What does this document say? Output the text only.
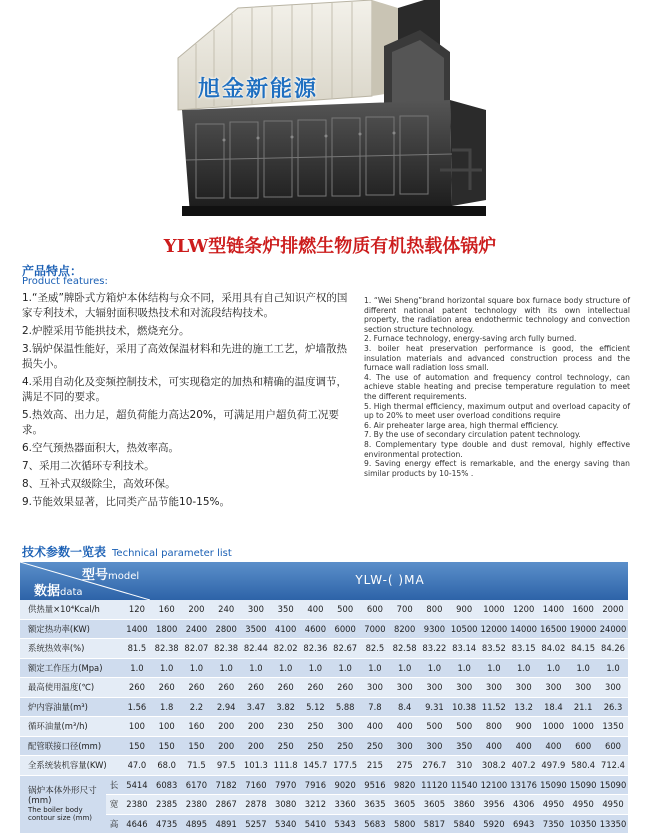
旭金新能源
YLW型链条炉排燃生物质有机热载体锅炉
产品特点：
Product features:
1.“圣威”牌卧式方箱炉本体结构与众不同，采用具有自己知识产权的国家专利技术，大辐射面积吸热技术和对流段结构技术。
2.炉膛采用节能拱技术，燃烧充分。
3.锅炉保温性能好，采用了高效保温材料和先进的施工工艺，炉墙散热损失小。
4.采用自动化及变频控制技术，可实现稳定的加热和精确的温度调节，满足不同的要求。
5.热效高、出力足，超负荷能力高达20%，可满足用户超负荷工况要求。
6.空气预热器面积大，热效率高。
7、采用二次循环专利技术。
8、互补式双级除尘，高效环保。
9.节能效果显著，比同类产品节能10-15%。
1. “Wei Sheng”brand horizontal square box furnace body structure of different national patent technology with its own intellectual property, the radiation area endothermic technology and convection section structure technology.
2. Furnace technology, energy-saving arch fully burned.
3. boiler heat preservation performance is good, the efficient insulation materials and advanced construction process and the furnace wall radiation loss small.
4. The use of automation and frequency control technology, can achieve stable heating and precise temperature regulation to meet the different requirements.
5. High thermal efficiency, maximum output and overload capacity of up to 20% to meet user overload conditions require
6. Air preheater large area, high thermal efficiency.
7. By the use of secondary circulation patent technology.
8. Complementary type double and dust removal, highly effective environmental protection.
9. Saving energy effect is remarkable, and the energy saving than similar products by 10-15% .
技术参数一览表 Technical parameter list
型号model
数据data
YLW-( )MA
供热量×10⁴Kcal/h		120	160	200	240	300	350	400	500	600	700	800	900	1000	1200	1400	1600	2000
额定热功率(KW)		1400	1800	2400	2800	3500	4100	4600	6000	7000	8200	9300	10500	12000	14000	16500	19000	24000
系统热效率(%)		81.5	82.38	82.07	82.38	82.44	82.02	82.36	82.67	82.5	82.58	83.22	83.14	83.52	83.15	84.02	84.15	84.26
额定工作压力(Mpa)		1.0	1.0	1.0	1.0	1.0	1.0	1.0	1.0	1.0	1.0	1.0	1.0	1.0	1.0	1.0	1.0	1.0
最高使用温度(℃)		260	260	260	260	260	260	260	260	300	300	300	300	300	300	300	300	300
炉内容油量(m³)		1.56	1.8	2.2	2.94	3.47	3.82	5.12	5.88	7.8	8.4	9.31	10.38	11.52	13.2	18.4	21.1	26.3
循环油量(m³/h)		100	100	160	200	200	230	250	300	400	400	500	500	800	900	1000	1000	1350
配管联接口径(mm)		150	150	150	200	200	250	250	250	250	300	300	350	400	400	400	600	600
全系统装机容量(KW)		47.0	68.0	71.5	97.5	101.3	111.8	145.7	177.5	215	275	276.7	310	308.2	407.2	497.9	580.4	712.4
锅炉本体外形尺寸(mm)
The boiler body contour size (mm)	长	5414	6083	6170	7182	7160	7970	7916	9020	9516	9820	11120	11540	12100	13176	15090	15090	15090
	宽	2380	2385	2380	2867	2878	3080	3212	3360	3635	3605	3605	3860	3956	4306	4950	4950	4950
	高	4646	4735	4895	4891	5257	5340	5410	5343	5683	5800	5817	5840	5920	6943	7350	10350	13350
